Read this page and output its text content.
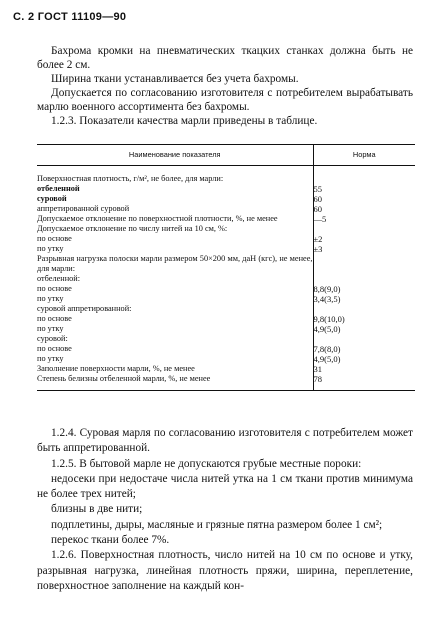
С. 2 ГОСТ 11109—90

Бахрома кромки на пневматических ткацких станках должна быть не более 2 см.

Ширина ткани устанавливается без учета бахромы.

Допускается по согласованию изготовителя с потребителем вырабатывать марлю военного ассортимента без бахромы.

1.2.3. Показатели качества марли приведены в таблице.

Наименование показателя	Норма

Поверхностная плотность, г/м², не более, для марли:	
отбеленной	55
суровой	60
аппретированной суровой	60
Допускаемое отклонение по поверхностной плотности, %, не менее	—5
Допускаемое отклонение по числу нитей на 10 см, %:	
по основе	±2
по утку	±3
Разрывная нагрузка полоски марли размером 50×200 мм, даН (кгс), не менее, для марли:	
отбеленной:	
по основе	8,8(9,0)
по утку	3,4(3,5)
суровой аппретированной:	
по основе	9,8(10,0)
по утку	4,9(5,0)
суровой:	
по основе	7,8(8,0)
по утку	4,9(5,0)
Заполнение поверхности марли, %, не менее	31
Степень белизны отбеленной марли, %, не менее	78

1.2.4. Суровая марля по согласованию изготовителя с потребителем может быть аппретированной.

1.2.5. В бытовой марле не допускаются грубые местные пороки:

недосеки при недостаче числа нитей утка на 1 см ткани против минимума не более трех нитей;

близны в две нити;

подплетины, дыры, масляные и грязные пятна размером более 1 см²;

перекос ткани более 7%.

1.2.6. Поверхностная плотность, число нитей на 10 см по основе и утку, разрывная нагрузка, линейная плотность пряжи, ширина, переплетение, поверхностное заполнение на каждый кон-
